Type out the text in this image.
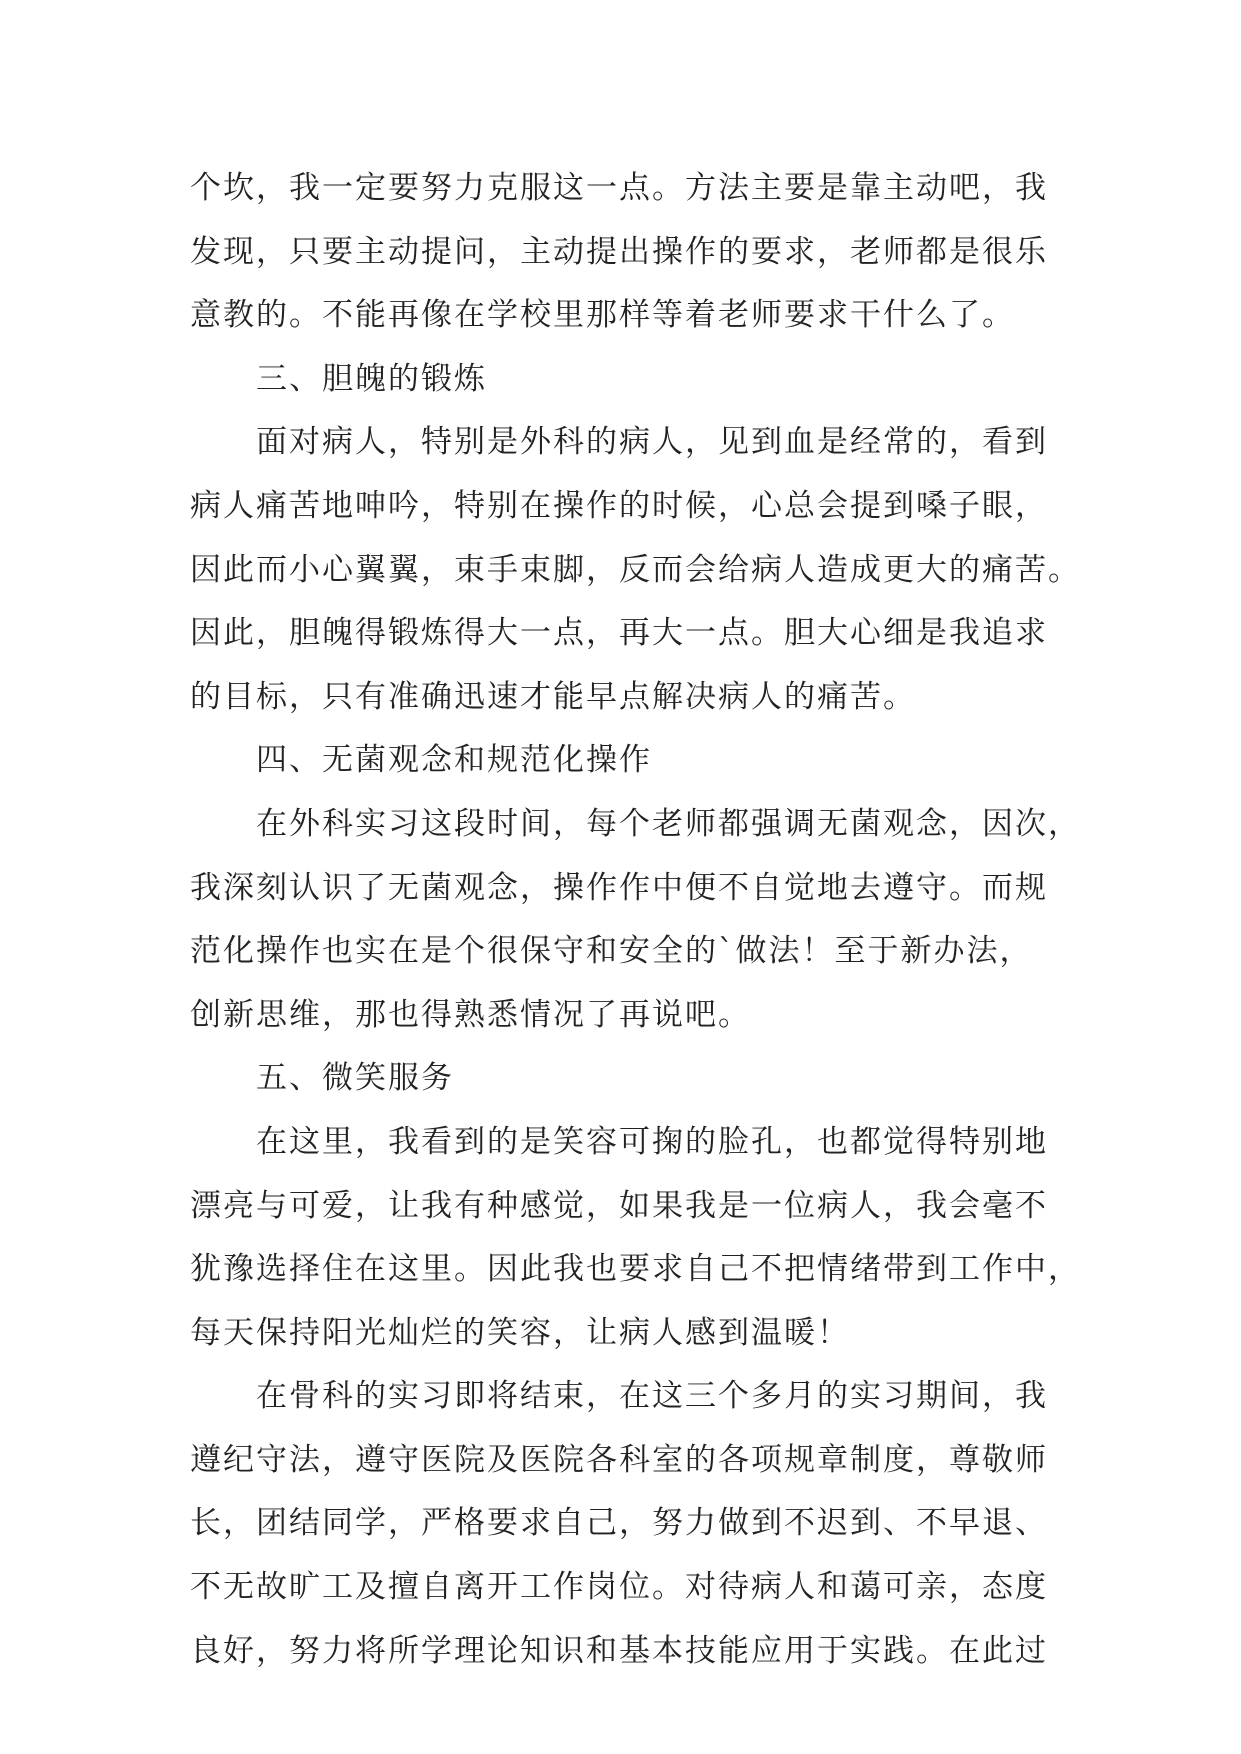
个坎，我一定要努力克服这一点。方法主要是靠主动吧，我
发现，只要主动提问，主动提出操作的要求，老师都是很乐
意教的。不能再像在学校里那样等着老师要求干什么了。
三、胆魄的锻炼
面对病人，特别是外科的病人，见到血是经常的，看到
病人痛苦地呻吟，特别在操作的时候，心总会提到嗓子眼，
因此而小心翼翼，束手束脚，反而会给病人造成更大的痛苦。
因此，胆魄得锻炼得大一点，再大一点。胆大心细是我追求
的目标，只有准确迅速才能早点解决病人的痛苦。
四、无菌观念和规范化操作
在外科实习这段时间，每个老师都强调无菌观念，因次，
我深刻认识了无菌观念，操作作中便不自觉地去遵守。而规
范化操作也实在是个很保守和安全的`做法！至于新办法，
创新思维，那也得熟悉情况了再说吧。
五、微笑服务
在这里，我看到的是笑容可掬的脸孔，也都觉得特别地
漂亮与可爱，让我有种感觉，如果我是一位病人，我会毫不
犹豫选择住在这里。因此我也要求自己不把情绪带到工作中，
每天保持阳光灿烂的笑容，让病人感到温暖！
在骨科的实习即将结束，在这三个多月的实习期间，我
遵纪守法，遵守医院及医院各科室的各项规章制度，尊敬师
长，团结同学，严格要求自己，努力做到不迟到、不早退、
不无故旷工及擅自离开工作岗位。对待病人和蔼可亲，态度
良好，努力将所学理论知识和基本技能应用于实践。在此过
